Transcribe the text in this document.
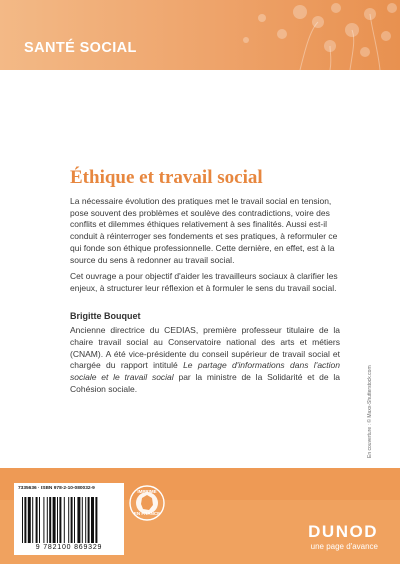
SANTÉ SOCIAL
Éthique et travail social

La nécessaire évolution des pratiques met le travail social en tension, pose souvent des problèmes et soulève des contradictions, voire des conflits et dilemmes éthiques relativement à ses finalités. Aussi est-il conduit à réinterroger ses fondements et ses pratiques, à reformuler ce qui fonde son éthique professionnelle. Cette dernière, en effet, est à la source du sens à redonner au travail social.

Cet ouvrage a pour objectif d'aider les travailleurs sociaux à clarifier les enjeux, à structurer leur réflexion et à formuler le sens du travail social.

Brigitte Bouquet

Ancienne directrice du CEDIAS, première professeur titulaire de la chaire travail social au Conservatoire national des arts et métiers (CNAM). A été vice-présidente du conseil supérieur de travail social et chargée du rapport intitulé Le partage d'informations dans l'action sociale et le travail social par la ministre de la Solidarité et de la Cohésion sociale.	En couverture : © Maxx-Shutterstock.com

7335636 · ISBN 978-2-10-080032-9

9 782100 869329

IMPRIMÉ
EN FRANCE
DUNOD
une page d'avance
